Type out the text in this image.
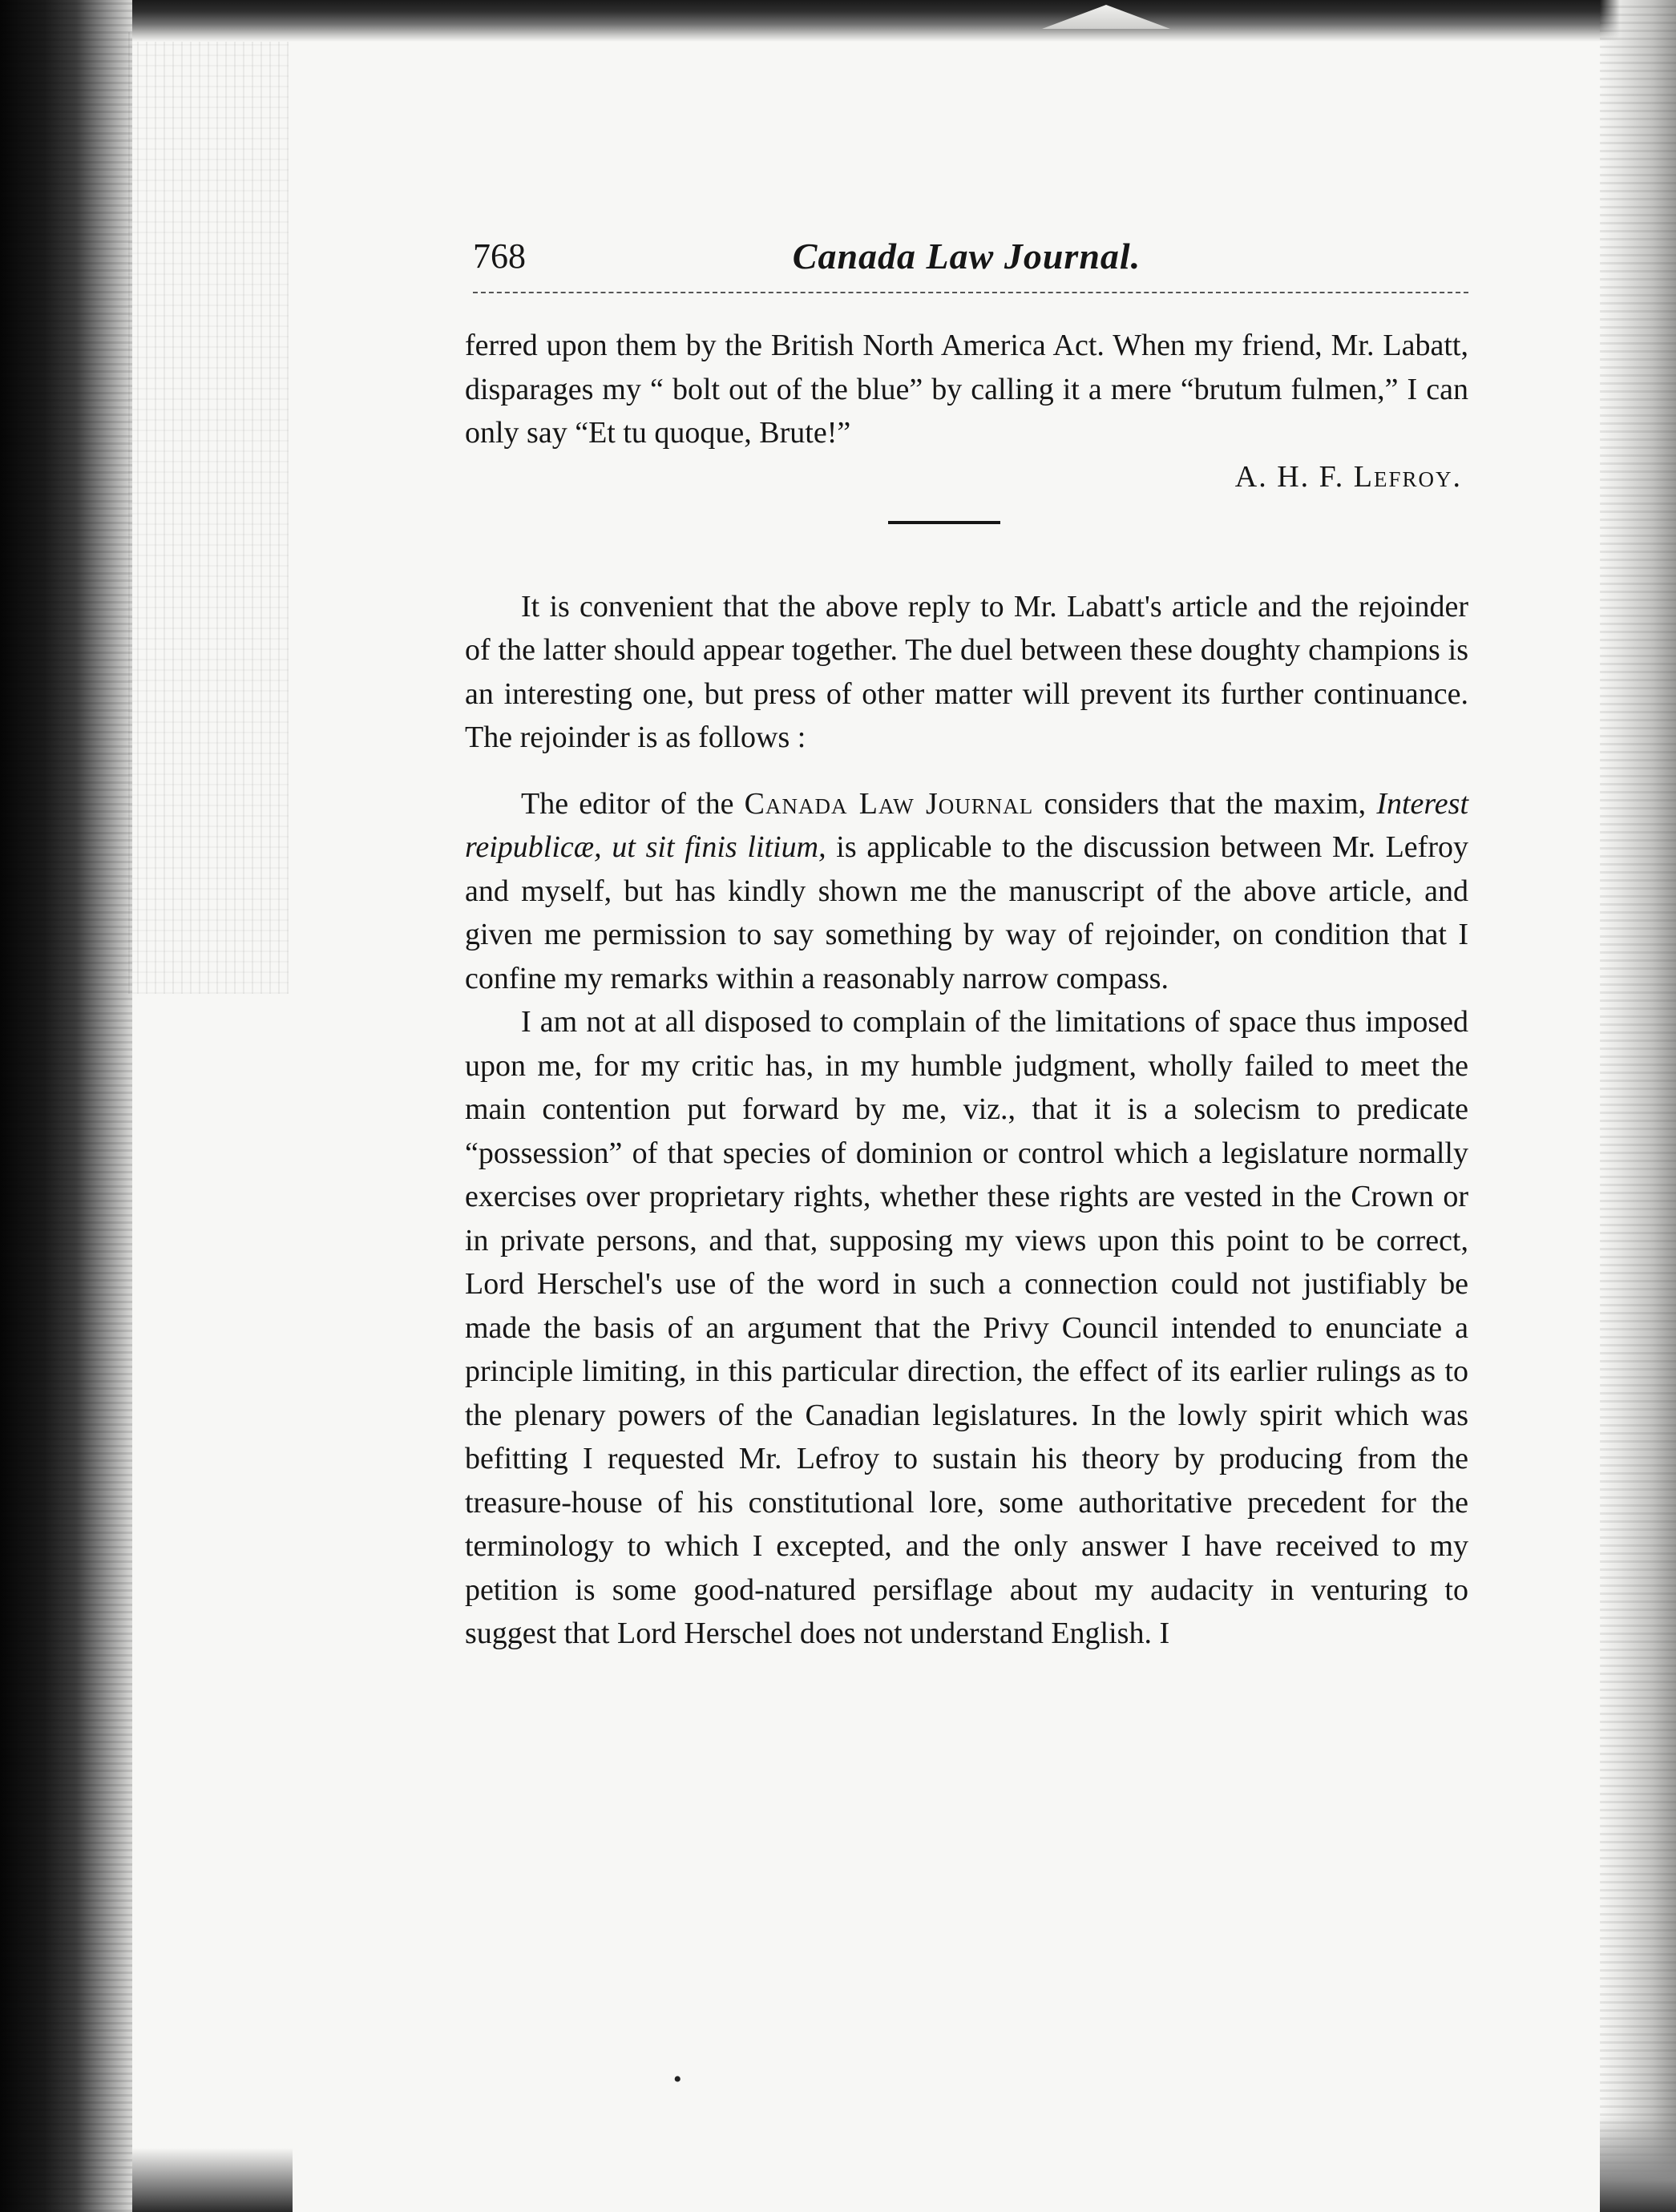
768	Canada Law Journal.

ferred upon them by the British North America Act. When my friend, Mr. Labatt, disparages my “ bolt out of the blue” by calling it a mere “brutum fulmen,” I can only say “Et tu quoque, Brute!”

A. H. F. Lefroy.

It is convenient that the above reply to Mr. Labatt's article and the rejoinder of the latter should appear together. The duel between these doughty champions is an interesting one, but press of other matter will prevent its further continuance. The rejoinder is as follows :

The editor of the Canada Law Journal considers that the maxim, Interest reipublicæ, ut sit finis litium, is applicable to the discussion between Mr. Lefroy and myself, but has kindly shown me the manuscript of the above article, and given me permission to say something by way of rejoinder, on condition that I confine my remarks within a reasonably narrow compass.

I am not at all disposed to complain of the limitations of space thus imposed upon me, for my critic has, in my humble judgment, wholly failed to meet the main contention put forward by me, viz., that it is a solecism to predicate “possession” of that species of dominion or control which a legislature normally exercises over proprietary rights, whether these rights are vested in the Crown or in private persons, and that, supposing my views upon this point to be correct, Lord Herschel's use of the word in such a connection could not justifiably be made the basis of an argument that the Privy Council intended to enunciate a principle limiting, in this particular direction, the effect of its earlier rulings as to the plenary powers of the Canadian legislatures. In the lowly spirit which was befitting I requested Mr. Lefroy to sustain his theory by producing from the treasure-house of his constitutional lore, some authoritative precedent for the terminology to which I excepted, and the only answer I have received to my petition is some good-natured persiflage about my audacity in venturing to suggest that Lord Herschel does not understand English. I

•
